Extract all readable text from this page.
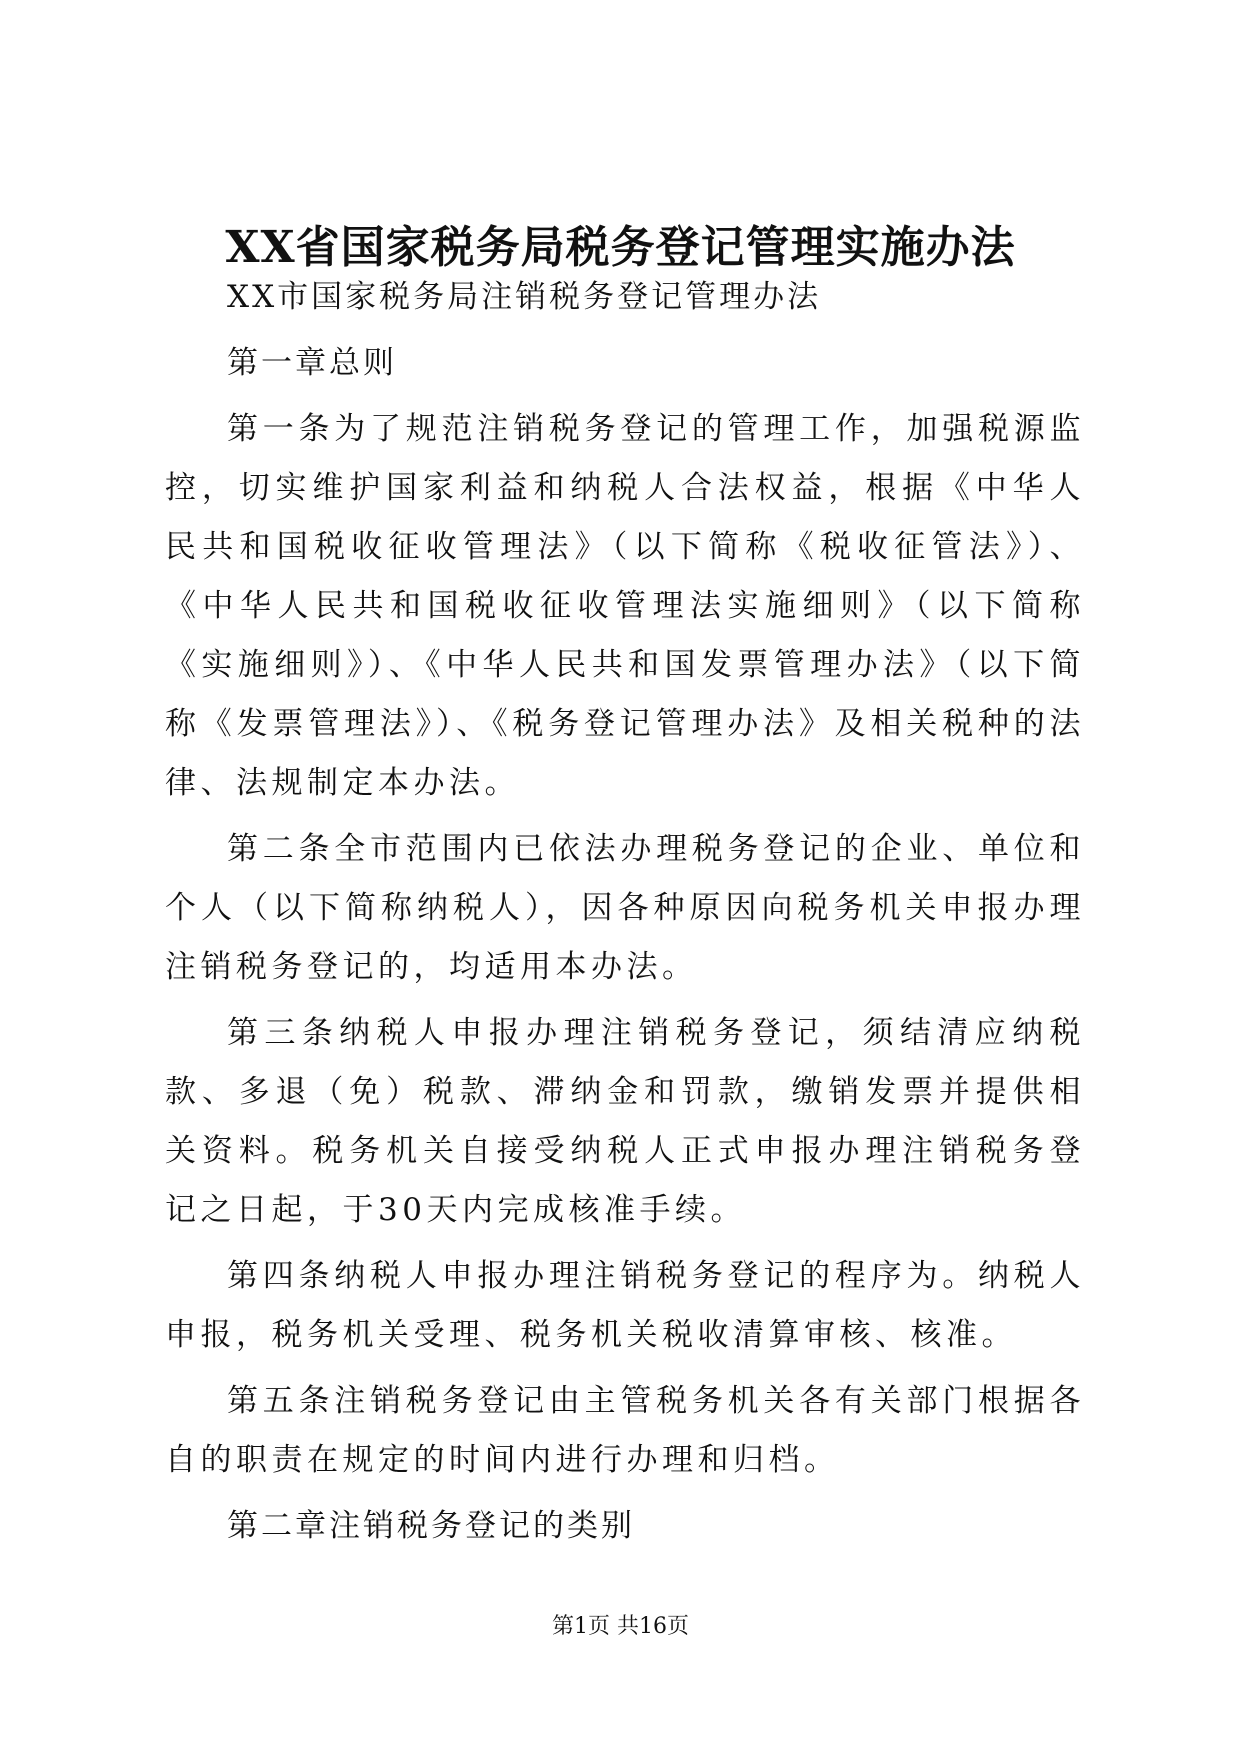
XX省国家税务局税务登记管理实施办法

XX市国家税务局注销税务登记管理办法

第一章总则

第一条为了规范注销税务登记的管理工作，加强税源监控，切实维护国家利益和纳税人合法权益，根据《中华人民共和国税收征收管理法》（以下简称《税收征管法》）、《中华人民共和国税收征收管理法实施细则》（以下简称《实施细则》）、《中华人民共和国发票管理办法》（以下简称《发票管理法》）、《税务登记管理办法》及相关税种的法律、法规制定本办法。

第二条全市范围内已依法办理税务登记的企业、单位和个人（以下简称纳税人），因各种原因向税务机关申报办理注销税务登记的，均适用本办法。

第三条纳税人申报办理注销税务登记，须结清应纳税款、多退（免）税款、滞纳金和罚款，缴销发票并提供相关资料。税务机关自接受纳税人正式申报办理注销税务登记之日起，于30天内完成核准手续。

第四条纳税人申报办理注销税务登记的程序为。纳税人申报，税务机关受理、税务机关税收清算审核、核准。

第五条注销税务登记由主管税务机关各有关部门根据各自的职责在规定的时间内进行办理和归档。

第二章注销税务登记的类别

第1页 共16页
